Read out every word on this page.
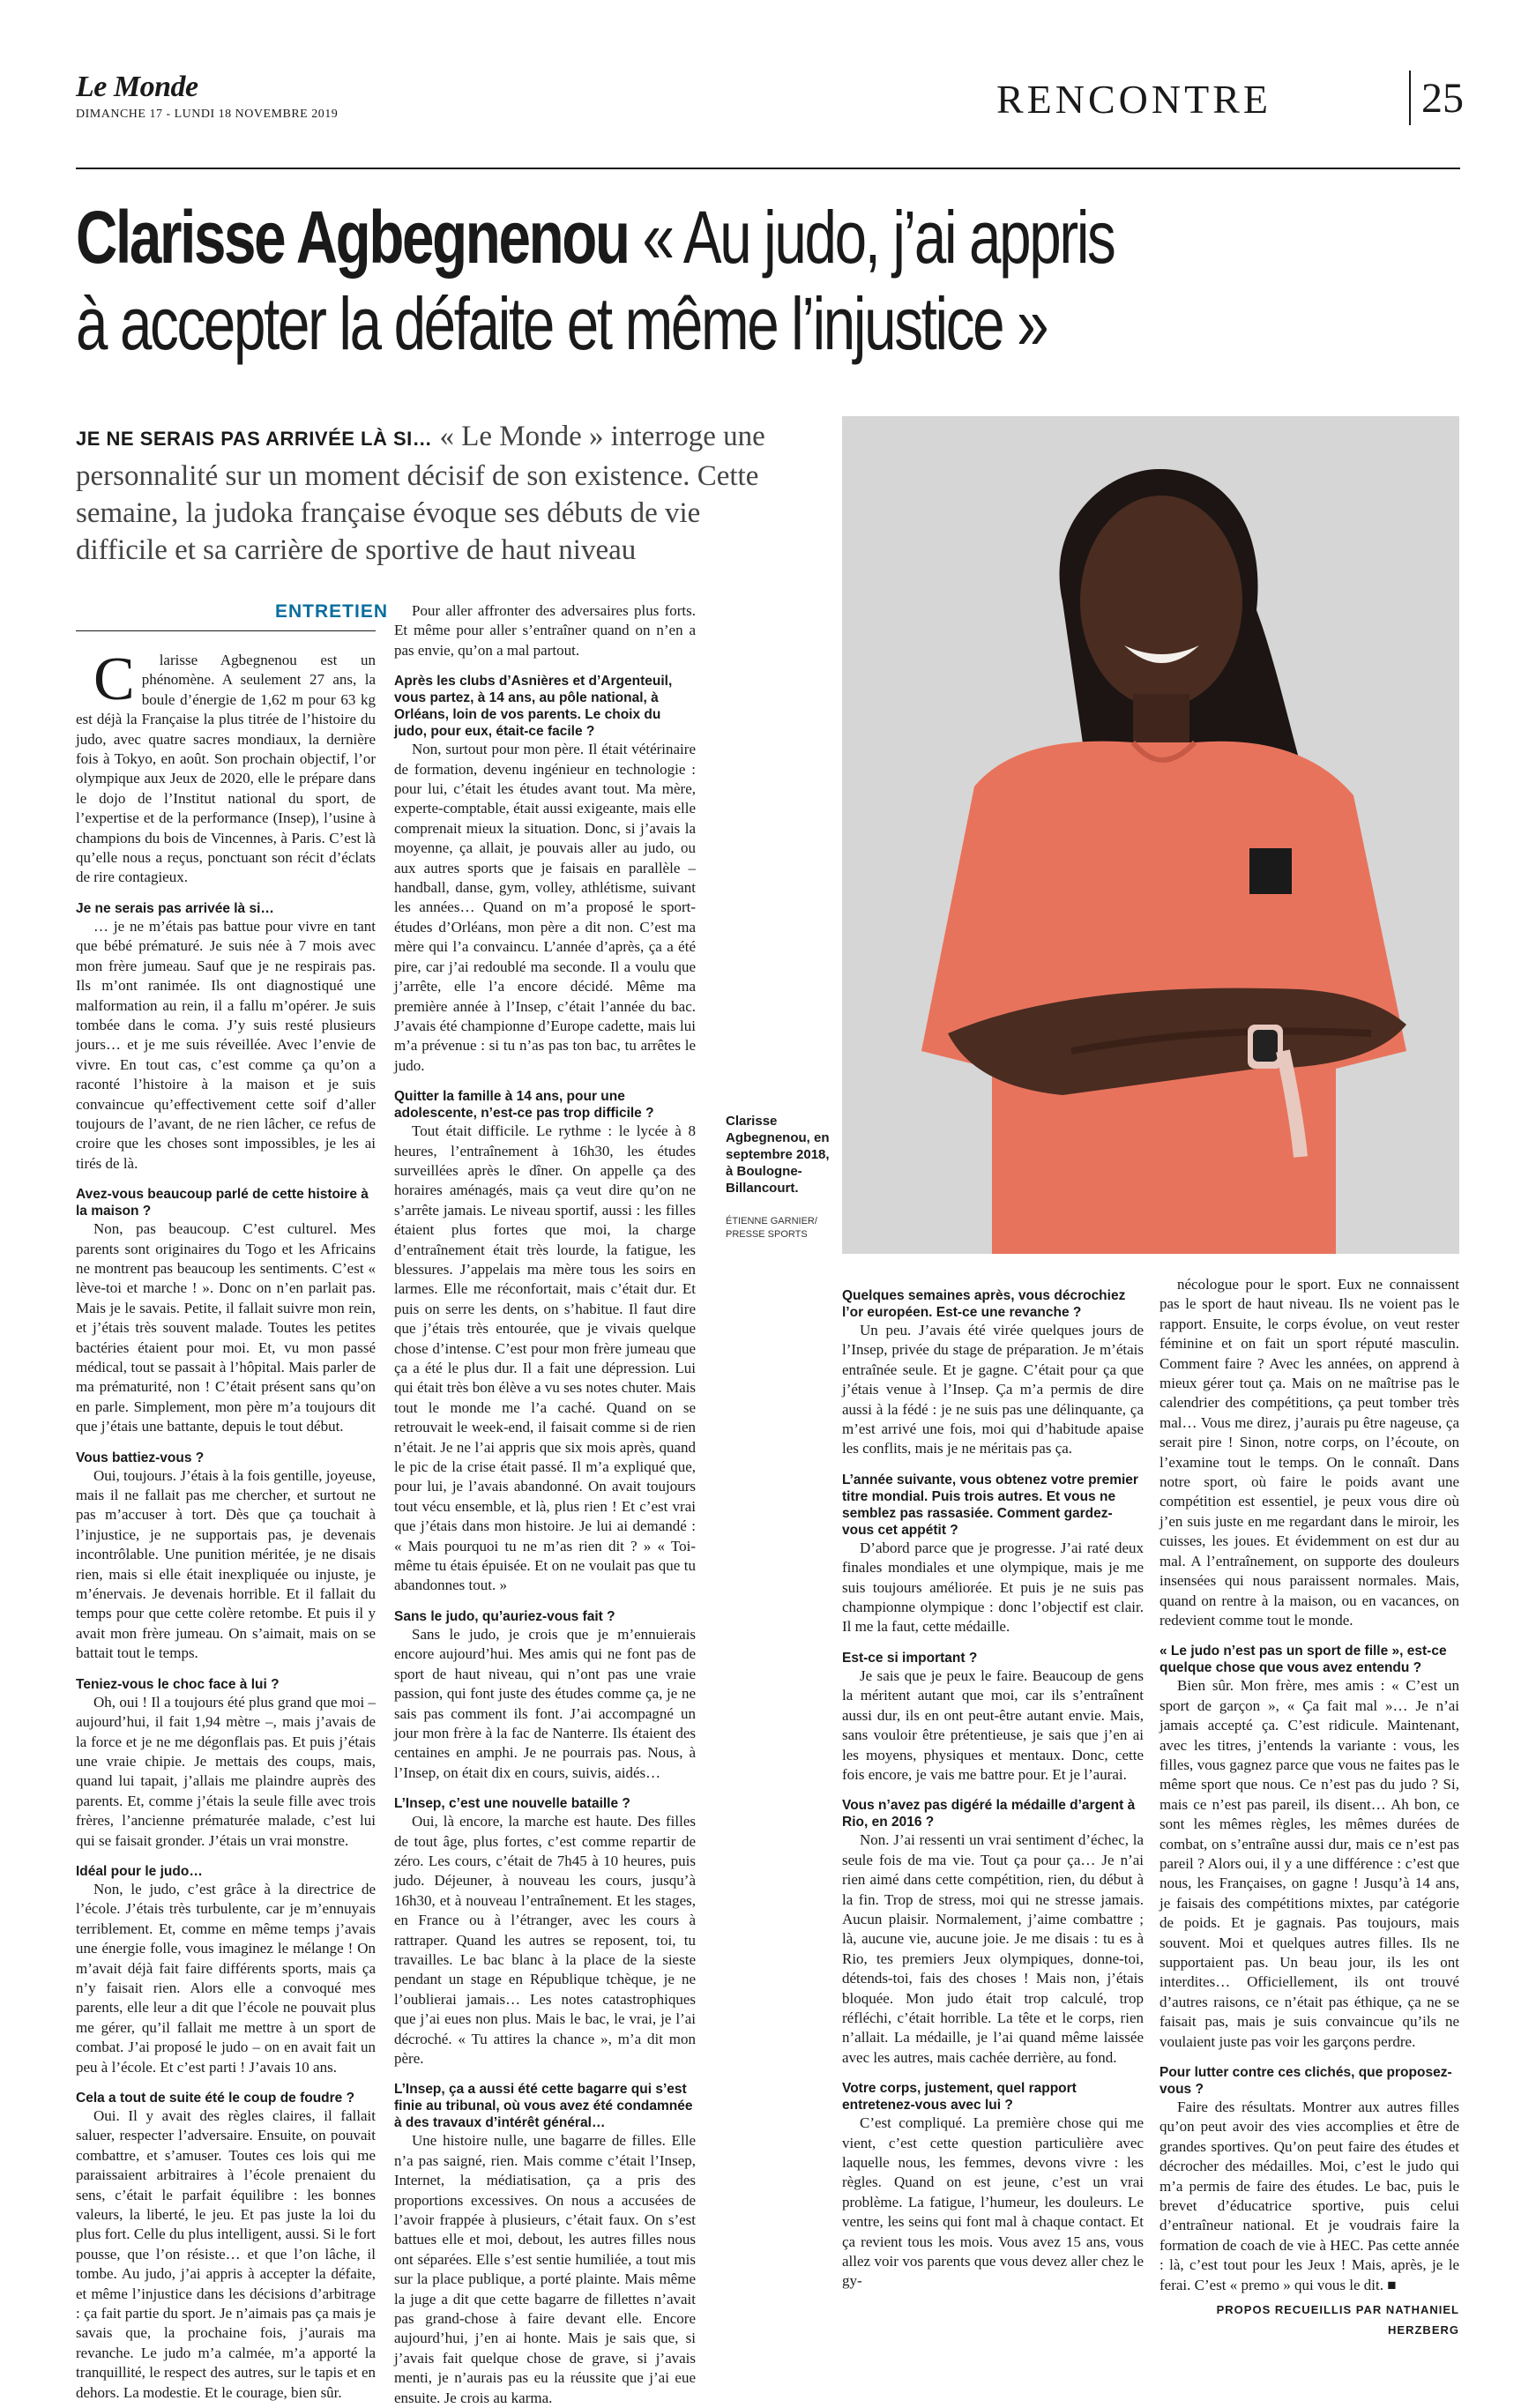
Le Monde
DIMANCHE 17 - LUNDI 18 NOVEMBRE 2019	RENCONTRE	25
Clarisse Agbegnenou « Au judo, j’ai appris
à accepter la défaite et même l’injustice »
JE NE SERAIS PAS ARRIVÉE LÀ SI… « Le Monde » interroge une personnalité sur un moment décisif de son existence. Cette semaine, la judoka française évoque ses débuts de vie difficile et sa carrière de sportive de haut niveau
Clarisse Agbegnenou, en septembre 2018, à Boulogne-Billancourt.
ÉTIENNE GARNIER/ PRESSE SPORTS
ENTRETIEN

C larisse Agbegnenou est un phénomène. A seulement 27 ans, la boule d’énergie de 1,62 m pour 63 kg est déjà la Française la plus titrée de l’histoire du judo, avec quatre sacres mondiaux, la dernière fois à Tokyo, en août. Son prochain objectif, l’or olympique aux Jeux de 2020, elle le prépare dans le dojo de l’Institut national du sport, de l’expertise et de la performance (Insep), l’usine à champions du bois de Vincennes, à Paris. C’est là qu’elle nous a reçus, ponctuant son récit d’éclats de rire contagieux.

Je ne serais pas arrivée là si…

… je ne m’étais pas battue pour vivre en tant que bébé prématuré. Je suis née à 7 mois avec mon frère jumeau. Sauf que je ne respirais pas. Ils m’ont ranimée. Ils ont diagnostiqué une malformation au rein, il a fallu m’opérer. Je suis tombée dans le coma. J’y suis resté plusieurs jours… et je me suis réveillée. Avec l’envie de vivre. En tout cas, c’est comme ça qu’on a raconté l’histoire à la maison et je suis convaincue qu’effectivement cette soif d’aller toujours de l’avant, de ne rien lâcher, ce refus de croire que les choses sont impossibles, je les ai tirés de là.

Avez-vous beaucoup parlé de cette histoire à la maison ?

Non, pas beaucoup. C’est culturel. Mes parents sont originaires du Togo et les Africains ne montrent pas beaucoup les sentiments. C’est « lève-toi et marche ! ». Donc on n’en parlait pas. Mais je le savais. Petite, il fallait suivre mon rein, et j’étais très souvent malade. Toutes les petites bactéries étaient pour moi. Et, vu mon passé médical, tout se passait à l’hôpital. Mais parler de ma prématurité, non ! C’était présent sans qu’on en parle. Simplement, mon père m’a toujours dit que j’étais une battante, depuis le tout début.

Vous battiez-vous ?

Oui, toujours. J’étais à la fois gentille, joyeuse, mais il ne fallait pas me chercher, et surtout ne pas m’accuser à tort. Dès que ça touchait à l’injustice, je ne supportais pas, je devenais incontrôlable. Une punition méritée, je ne disais rien, mais si elle était inexpliquée ou injuste, je m’énervais. Je devenais horrible. Et il fallait du temps pour que cette colère retombe. Et puis il y avait mon frère jumeau. On s’aimait, mais on se battait tout le temps.

Teniez-vous le choc face à lui ?

Oh, oui ! Il a toujours été plus grand que moi – aujourd’hui, il fait 1,94 mètre –, mais j’avais de la force et je ne me dégonflais pas. Et puis j’étais une vraie chipie. Je mettais des coups, mais, quand lui tapait, j’allais me plaindre auprès des parents. Et, comme j’étais la seule fille avec trois frères, l’ancienne prématurée malade, c’est lui qui se faisait gronder. J’étais un vrai monstre.

Idéal pour le judo…

Non, le judo, c’est grâce à la directrice de l’école. J’étais très turbulente, car je m’ennuyais terriblement. Et, comme en même temps j’avais une énergie folle, vous imaginez le mélange ! On m’avait déjà fait faire différents sports, mais ça n’y faisait rien. Alors elle a convoqué mes parents, elle leur a dit que l’école ne pouvait plus me gérer, qu’il fallait me mettre à un sport de combat. J’ai proposé le judo – on en avait fait un peu à l’école. Et c’est parti ! J’avais 10 ans.

Cela a tout de suite été le coup de foudre ?

Oui. Il y avait des règles claires, il fallait saluer, respecter l’adversaire. Ensuite, on pouvait combattre, et s’amuser. Toutes ces lois qui me paraissaient arbitraires à l’école prenaient du sens, c’était le parfait équilibre : les bonnes valeurs, la liberté, le jeu. Et pas juste la loi du plus fort. Celle du plus intelligent, aussi. Si le fort pousse, que l’on résiste… et que l’on lâche, il tombe. Au judo, j’ai appris à accepter la défaite, et même l’injustice dans les décisions d’arbitrage : ça fait partie du sport. Je n’aimais pas ça mais je savais que, la prochaine fois, j’aurais ma revanche. Le judo m’a calmée, m’a apporté la tranquillité, le respect des autres, sur le tapis et en dehors. La modestie. Et le courage, bien sûr.

Pour aller affronter des adversaires plus forts. Et même pour aller s’entraîner quand on n’en a pas envie, qu’on a mal partout.

Après les clubs d’Asnières et d’Argenteuil, vous partez, à 14 ans, au pôle national, à Orléans, loin de vos parents. Le choix du judo, pour eux, était-ce facile ?

Non, surtout pour mon père. Il était vétérinaire de formation, devenu ingénieur en technologie : pour lui, c’était les études avant tout. Ma mère, experte-comptable, était aussi exigeante, mais elle comprenait mieux la situation. Donc, si j’avais la moyenne, ça allait, je pouvais aller au judo, ou aux autres sports que je faisais en parallèle – handball, danse, gym, volley, athlétisme, suivant les années… Quand on m’a proposé le sport-études d’Orléans, mon père a dit non. C’est ma mère qui l’a convaincu. L’année d’après, ça a été pire, car j’ai redoublé ma seconde. Il a voulu que j’arrête, elle l’a encore décidé. Même ma première année à l’Insep, c’était l’année du bac. J’avais été championne d’Europe cadette, mais lui m’a prévenue : si tu n’as pas ton bac, tu arrêtes le judo.

Quitter la famille à 14 ans, pour une adolescente, n’est-ce pas trop difficile ?

Tout était difficile. Le rythme : le lycée à 8 heures, l’entraînement à 16h30, les études surveillées après le dîner. On appelle ça des horaires aménagés, mais ça veut dire qu’on ne s’arrête jamais. Le niveau sportif, aussi : les filles étaient plus fortes que moi, la charge d’entraînement était très lourde, la fatigue, les blessures. J’appelais ma mère tous les soirs en larmes. Elle me réconfortait, mais c’était dur. Et puis on serre les dents, on s’habitue. Il faut dire que j’étais très entourée, que je vivais quelque chose d’intense. C’est pour mon frère jumeau que ça a été le plus dur. Il a fait une dépression. Lui qui était très bon élève a vu ses notes chuter. Mais tout le monde me l’a caché. Quand on se retrouvait le week-end, il faisait comme si de rien n’était. Je ne l’ai appris que six mois après, quand le pic de la crise était passé. Il m’a expliqué que, pour lui, je l’avais abandonné. On avait toujours tout vécu ensemble, et là, plus rien ! Et c’est vrai que j’étais dans mon histoire. Je lui ai demandé : « Mais pourquoi tu ne m’as rien dit ? » « Toi-même tu étais épuisée. Et on ne voulait pas que tu abandonnes tout. »

Sans le judo, qu’auriez-vous fait ?

Sans le judo, je crois que je m’ennuierais encore aujourd’hui. Mes amis qui ne font pas de sport de haut niveau, qui n’ont pas une vraie passion, qui font juste des études comme ça, je ne sais pas comment ils font. J’ai accompagné un jour mon frère à la fac de Nanterre. Ils étaient des centaines en amphi. Je ne pourrais pas. Nous, à l’Insep, on était dix en cours, suivis, aidés…

L’Insep, c’est une nouvelle bataille ?

Oui, là encore, la marche est haute. Des filles de tout âge, plus fortes, c’est comme repartir de zéro. Les cours, c’était de 7h45 à 10 heures, puis judo. Déjeuner, à nouveau les cours, jusqu’à 16h30, et à nouveau l’entraînement. Et les stages, en France ou à l’étranger, avec les cours à rattraper. Quand les autres se reposent, toi, tu travailles. Le bac blanc à la place de la sieste pendant un stage en République tchèque, je ne l’oublierai jamais… Les notes catastrophiques que j’ai eues non plus. Mais le bac, le vrai, je l’ai décroché. « Tu attires la chance », m’a dit mon père.

L’Insep, ça a aussi été cette bagarre qui s’est finie au tribunal, où vous avez été condamnée à des travaux d’intérêt général…

Une histoire nulle, une bagarre de filles. Elle n’a pas saigné, rien. Mais comme c’était l’Insep, Internet, la médiatisation, ça a pris des proportions excessives. On nous a accusées de l’avoir frappée à plusieurs, c’était faux. On s’est battues elle et moi, debout, les autres filles nous ont séparées. Elle s’est sentie humiliée, a tout mis sur la place publique, a porté plainte. Mais même la juge a dit que cette bagarre de fillettes n’avait pas grand-chose à faire devant elle. Encore aujourd’hui, j’en ai honte. Mais je sais que, si j’avais fait quelque chose de grave, si j’avais menti, je n’aurais pas eu la réussite que j’ai eue ensuite. Je crois au karma.

Quelques semaines après, vous décrochiez l’or européen. Est-ce une revanche ?

Un peu. J’avais été virée quelques jours de l’Insep, privée du stage de préparation. Je m’étais entraînée seule. Et je gagne. C’était pour ça que j’étais venue à l’Insep. Ça m’a permis de dire aussi à la fédé : je ne suis pas une délinquante, ça m’est arrivé une fois, moi qui d’habitude apaise les conflits, mais je ne méritais pas ça.

L’année suivante, vous obtenez votre premier titre mondial. Puis trois autres. Et vous ne semblez pas rassasiée. Comment gardez-vous cet appétit ?

D’abord parce que je progresse. J’ai raté deux finales mondiales et une olympique, mais je me suis toujours améliorée. Et puis je ne suis pas championne olympique : donc l’objectif est clair. Il me la faut, cette médaille.

Est-ce si important ?

Je sais que je peux le faire. Beaucoup de gens la méritent autant que moi, car ils s’entraînent aussi dur, ils en ont peut-être autant envie. Mais, sans vouloir être prétentieuse, je sais que j’en ai les moyens, physiques et mentaux. Donc, cette fois encore, je vais me battre pour. Et je l’aurai.

Vous n’avez pas digéré la médaille d’argent à Rio, en 2016 ?

Non. J’ai ressenti un vrai sentiment d’échec, la seule fois de ma vie. Tout ça pour ça… Je n’ai rien aimé dans cette compétition, rien, du début à la fin. Trop de stress, moi qui ne stresse jamais. Aucun plaisir. Normalement, j’aime combattre ; là, aucune vie, aucune joie. Je me disais : tu es à Rio, tes premiers Jeux olympiques, donne-toi, détends-toi, fais des choses ! Mais non, j’étais bloquée. Mon judo était trop calculé, trop réfléchi, c’était horrible. La tête et le corps, rien n’allait. La médaille, je l’ai quand même laissée avec les autres, mais cachée derrière, au fond.

Votre corps, justement, quel rapport entretenez-vous avec lui ?

C’est compliqué. La première chose qui me vient, c’est cette question particulière avec laquelle nous, les femmes, devons vivre : les règles. Quand on est jeune, c’est un vrai problème. La fatigue, l’humeur, les douleurs. Le ventre, les seins qui font mal à chaque contact. Et ça revient tous les mois. Vous avez 15 ans, vous allez voir vos parents que vous devez aller chez le gy-

nécologue pour le sport. Eux ne connaissent pas le sport de haut niveau. Ils ne voient pas le rapport. Ensuite, le corps évolue, on veut rester féminine et on fait un sport réputé masculin. Comment faire ? Avec les années, on apprend à mieux gérer tout ça. Mais on ne maîtrise pas le calendrier des compétitions, ça peut tomber très mal… Vous me direz, j’aurais pu être nageuse, ça serait pire ! Sinon, notre corps, on l’écoute, on l’examine tout le temps. On le connaît. Dans notre sport, où faire le poids avant une compétition est essentiel, je peux vous dire où j’en suis juste en me regardant dans le miroir, les cuisses, les joues. Et évidemment on est dur au mal. A l’entraînement, on supporte des douleurs insensées qui nous paraissent normales. Mais, quand on rentre à la maison, ou en vacances, on redevient comme tout le monde.

« Le judo n’est pas un sport de fille », est-ce quelque chose que vous avez entendu ?

Bien sûr. Mon frère, mes amis : « C’est un sport de garçon », « Ça fait mal »… Je n’ai jamais accepté ça. C’est ridicule. Maintenant, avec les titres, j’entends la variante : vous, les filles, vous gagnez parce que vous ne faites pas le même sport que nous. Ce n’est pas du judo ? Si, mais ce n’est pas pareil, ils disent… Ah bon, ce sont les mêmes règles, les mêmes durées de combat, on s’entraîne aussi dur, mais ce n’est pas pareil ? Alors oui, il y a une différence : c’est que nous, les Françaises, on gagne ! Jusqu’à 14 ans, je faisais des compétitions mixtes, par catégorie de poids. Et je gagnais. Pas toujours, mais souvent. Moi et quelques autres filles. Ils ne supportaient pas. Un beau jour, ils les ont interdites… Officiellement, ils ont trouvé d’autres raisons, ce n’était pas éthique, ça ne se faisait pas, mais je suis convaincue qu’ils ne voulaient juste pas voir les garçons perdre.

Pour lutter contre ces clichés, que proposez-vous ?

Faire des résultats. Montrer aux autres filles qu’on peut avoir des vies accomplies et être de grandes sportives. Qu’on peut faire des études et décrocher des médailles. Moi, c’est le judo qui m’a permis de faire des études. Le bac, puis le brevet d’éducatrice sportive, puis celui d’entraîneur national. Et je voudrais faire la formation de coach de vie à HEC. Pas cette année : là, c’est tout pour les Jeux ! Mais, après, je le ferai. C’est « premo » qui vous le dit. ■

PROPOS RECUEILLIS PAR NATHANIEL HERZBERG
